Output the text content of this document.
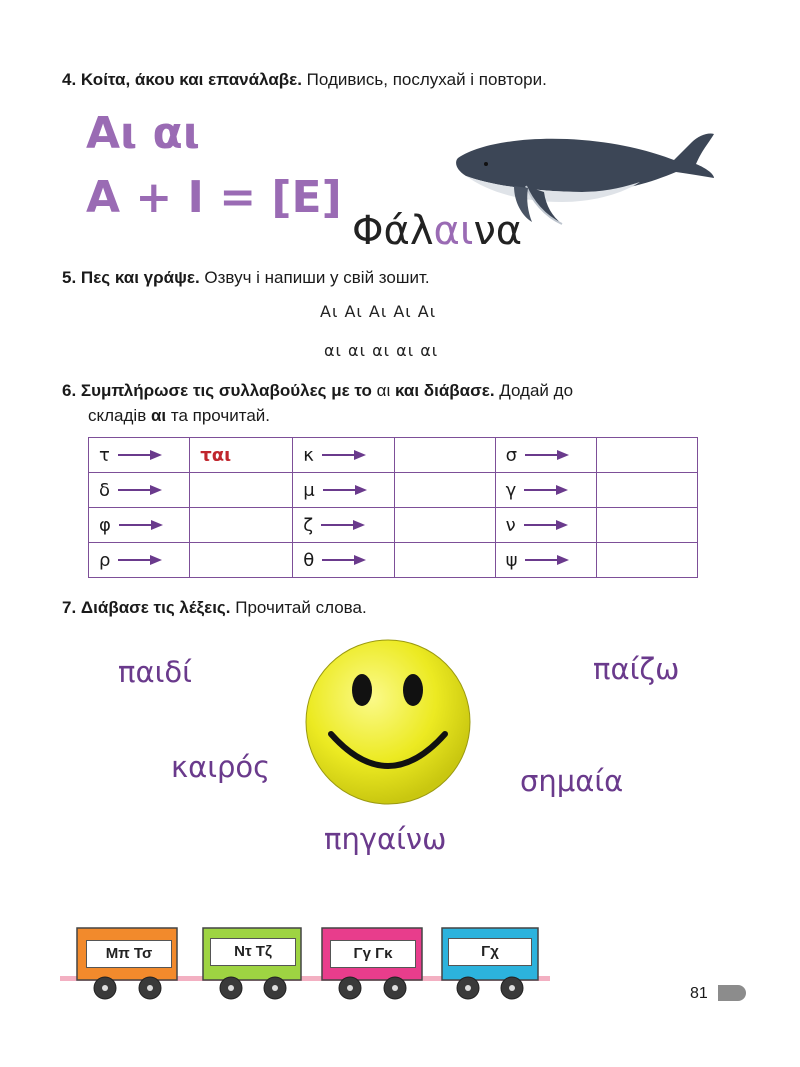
4. Κοίτα, άκου και επανάλαβε. Подивись, послухай і повтори.
Αι αι
Α + Ι = [Ε]
Φάλαινα
5. Πες και γράψε. Озвуч і напиши у свій зошит.
Αι Αι Αι Αι Αι
αι αι αι αι αι
6. Συμπλήρωσε τις συλλαβούλες με το αι και διάβασε. Додай до
складів αι та прочитай.
τ	ται	κ		σ	

δ		μ		γ	

φ		ζ		ν	

ρ		θ		ψ	

7. Διάβασε τις λέξεις. Прочитай слова.
παιδί	παίζω
καιρός	σημαία
πηγαίνω
Μπ Τσ	Ντ Τζ	Γγ Γκ	Γχ
81
